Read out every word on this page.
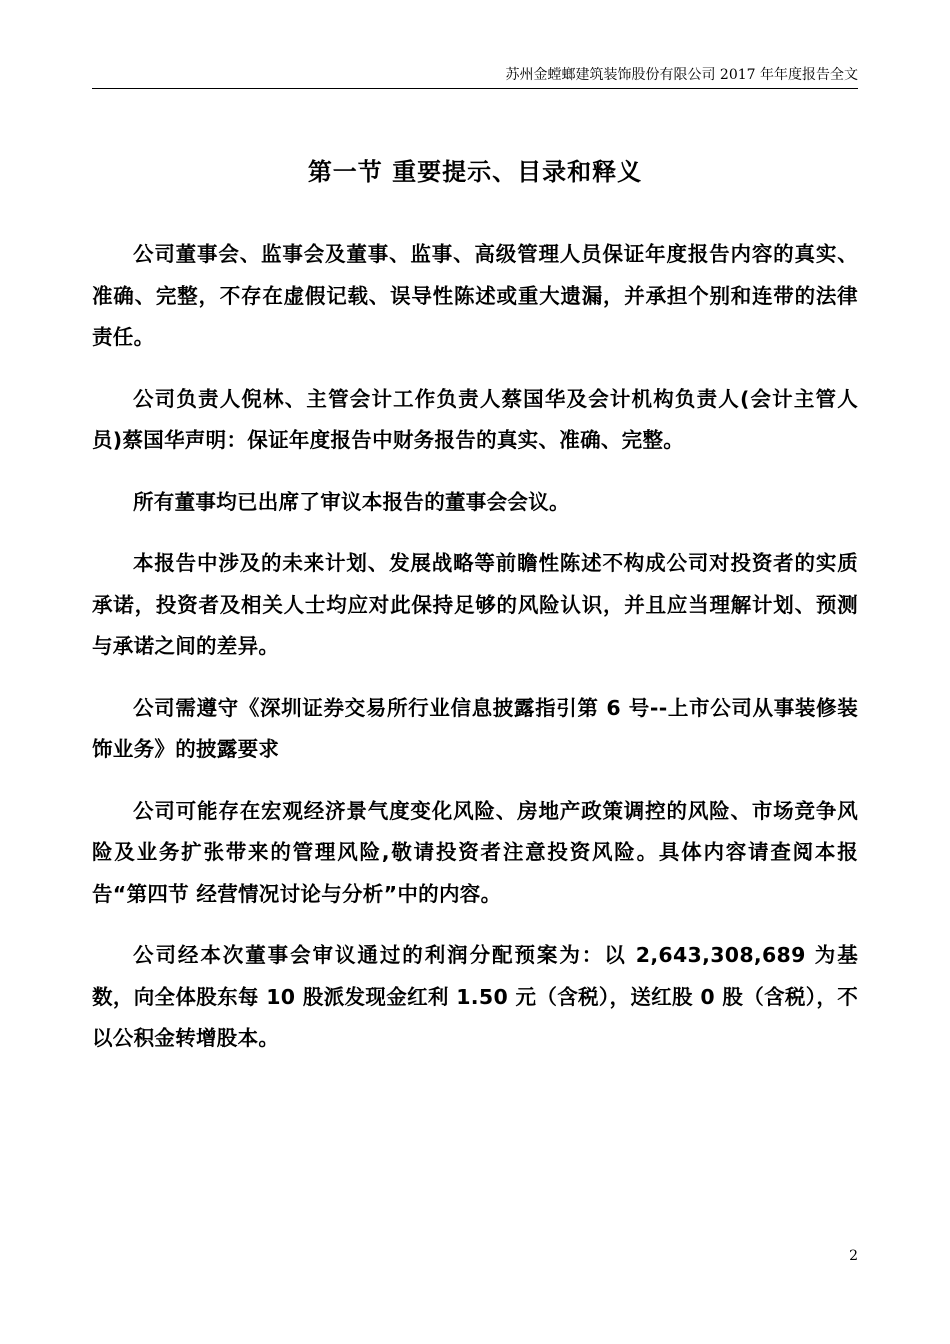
苏州金螳螂建筑装饰股份有限公司 2017 年年度报告全文
第一节 重要提示、目录和释义

公司董事会、监事会及董事、监事、高级管理人员保证年度报告内容的真实、准确、完整，不存在虚假记载、误导性陈述或重大遗漏，并承担个别和连带的法律责任。

公司负责人倪林、主管会计工作负责人蔡国华及会计机构负责人(会计主管人员)蔡国华声明：保证年度报告中财务报告的真实、准确、完整。

所有董事均已出席了审议本报告的董事会会议。

本报告中涉及的未来计划、发展战略等前瞻性陈述不构成公司对投资者的实质承诺，投资者及相关人士均应对此保持足够的风险认识，并且应当理解计划、预测与承诺之间的差异。

公司需遵守《深圳证券交易所行业信息披露指引第 6 号--上市公司从事装修装饰业务》的披露要求

公司可能存在宏观经济景气度变化风险、房地产政策调控的风险、市场竞争风险及业务扩张带来的管理风险,敬请投资者注意投资风险。具体内容请查阅本报告“第四节 经营情况讨论与分析”中的内容。

公司经本次董事会审议通过的利润分配预案为：以 2,643,308,689 为基数，向全体股东每 10 股派发现金红利 1.50 元（含税），送红股 0 股（含税），不以公积金转增股本。

2
